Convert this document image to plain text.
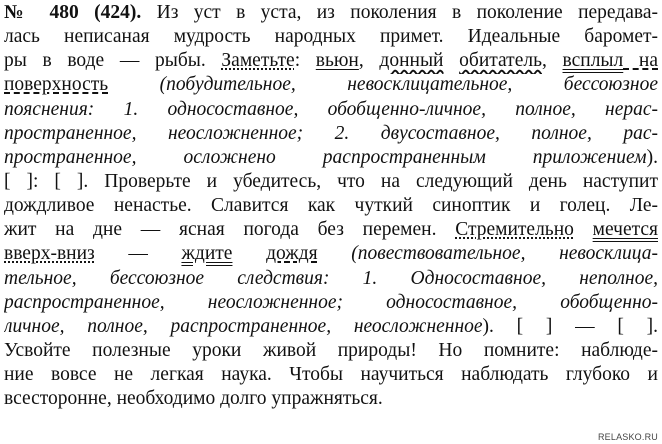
№ 480 (424). Из уст в уста, из поколения в поколение передава-
лась неписаная мудрость народных примет. Идеальные баромет-
ры в воде — рыбы. Заметьте: вьюн, донный обитатель, всплыл на
поверхность (побудительное, невосклицательное, бессоюзное
пояснения: 1. односоставное, обобщенно-личное, полное, нерас-
пространенное, неосложненное; 2. двусоставное, полное, рас-
пространенное, осложнено распространенным приложением).
[ ]: [ ]. Проверьте и убедитесь, что на следующий день наступит
дождливое ненастье. Славится как чуткий синоптик и голец. Ле-
жит на дне — ясная погода без перемен. Стремительно мечется
вверх-вниз — ждите дождя (повествовательное, невосклица-
тельное, бессоюзное следствия: 1. Односоставное, неполное,
распространенное, неосложненное; односоставное, обобщенно-
личное, полное, распространенное, неосложненное). [ ] — [ ].
Усвойте полезные уроки живой природы! Но помните: наблюде-
ние вовсе не легкая наука. Чтобы научиться наблюдать глубоко и
всесторонне, необходимо долго упражняться.
RELASKO.RU
